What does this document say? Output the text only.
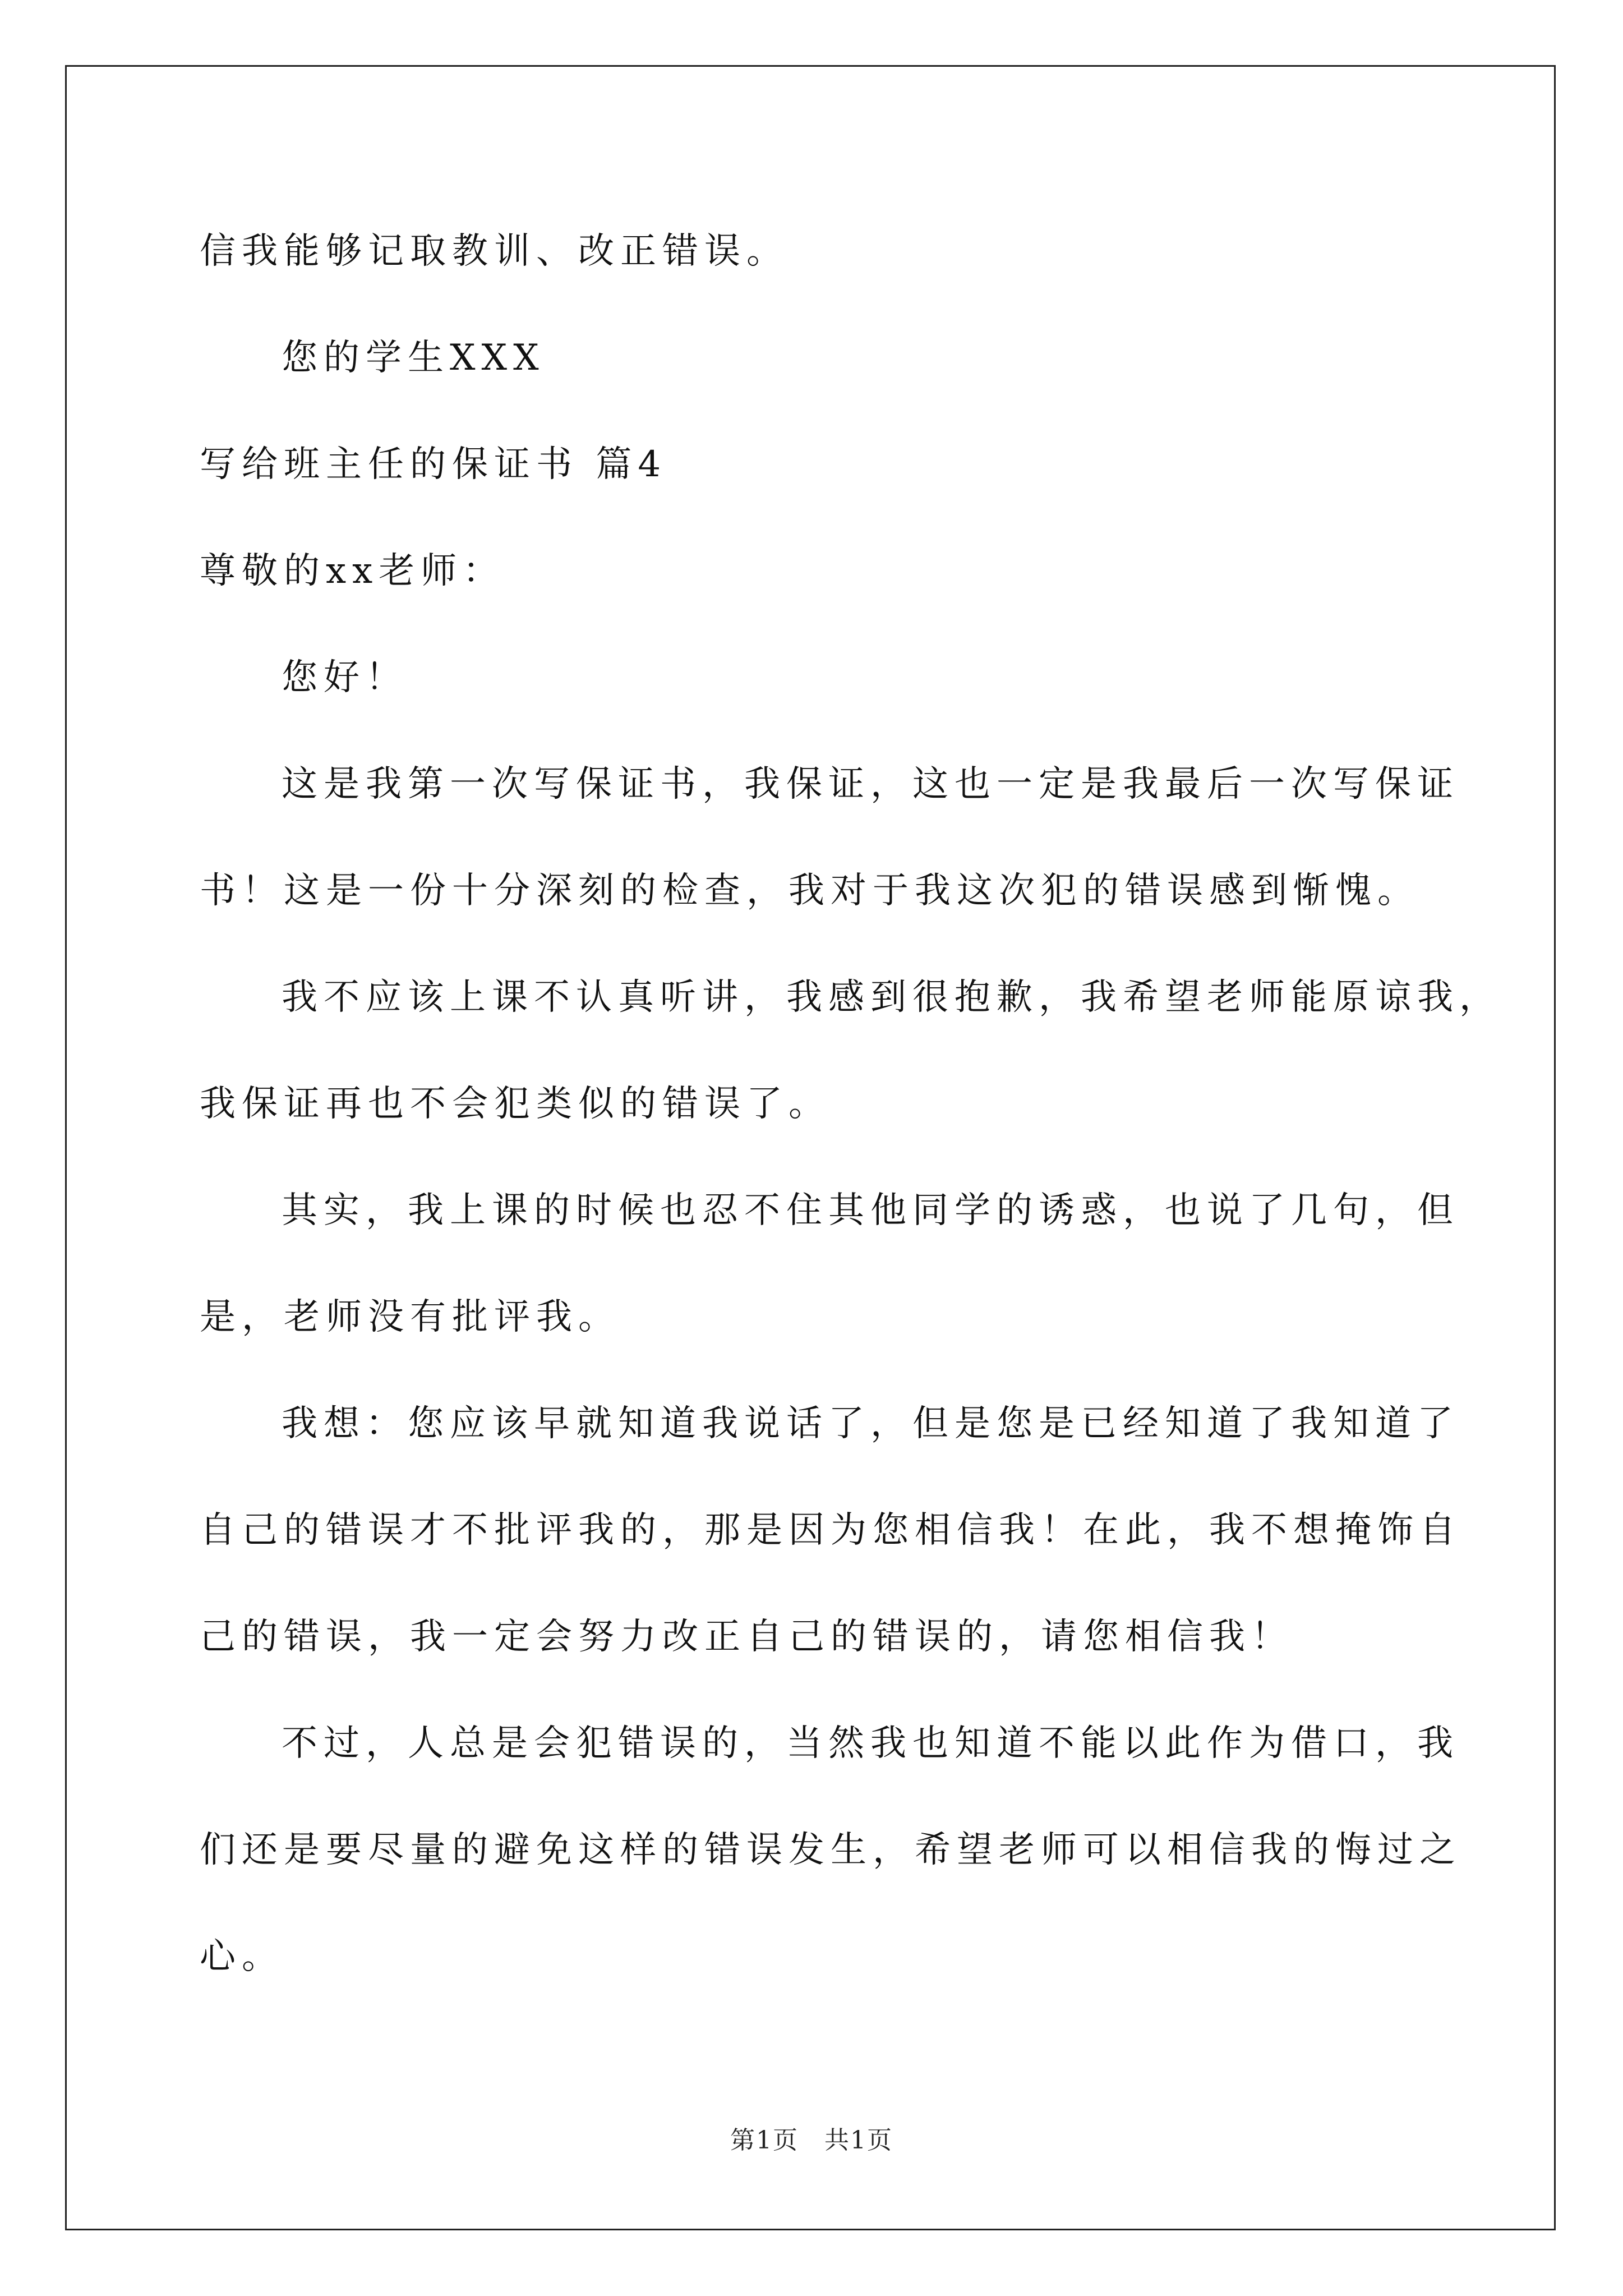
信我能够记取教训、改正错误。
您的学生XXX
写给班主任的保证书 篇4
尊敬的xx老师：
您好！
这是我第一次写保证书，我保证，这也一定是我最后一次写保证
书！这是一份十分深刻的检查，我对于我这次犯的错误感到惭愧。
我不应该上课不认真听讲，我感到很抱歉，我希望老师能原谅我，
我保证再也不会犯类似的错误了。
其实，我上课的时候也忍不住其他同学的诱惑，也说了几句，但
是，老师没有批评我。
我想：您应该早就知道我说话了，但是您是已经知道了我知道了
自己的错误才不批评我的，那是因为您相信我！在此，我不想掩饰自
己的错误，我一定会努力改正自己的错误的，请您相信我！
不过，人总是会犯错误的，当然我也知道不能以此作为借口，我
们还是要尽量的避免这样的错误发生，希望老师可以相信我的悔过之
心。
第1页　共1页
